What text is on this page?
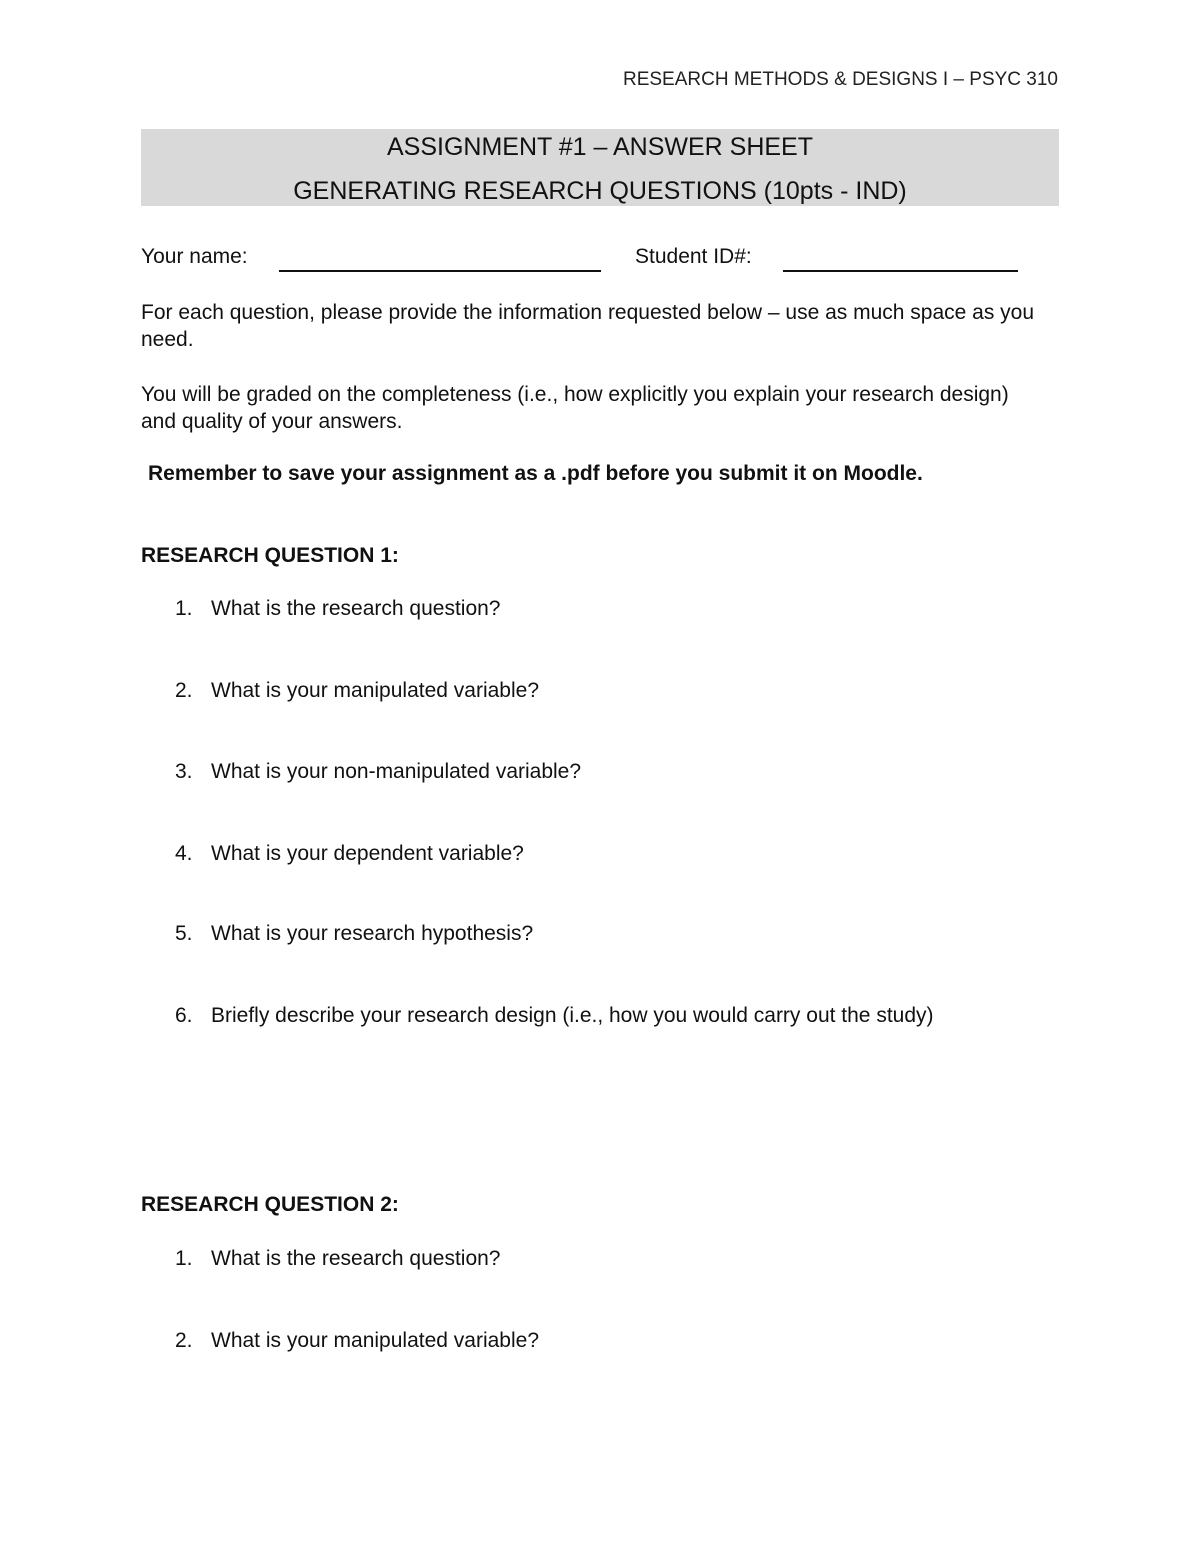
RESEARCH METHODS & DESIGNS I – PSYC 310
ASSIGNMENT #1 – ANSWER SHEET
GENERATING RESEARCH QUESTIONS (10pts - IND)
Your name:	Student ID#:
For each question, please provide the information requested below – use as much space as you need.
You will be graded on the completeness (i.e., how explicitly you explain your research design) and quality of your answers.
Remember to save your assignment as a .pdf before you submit it on Moodle.
RESEARCH QUESTION 1:
1. What is the research question?
2. What is your manipulated variable?
3. What is your non-manipulated variable?
4. What is your dependent variable?
5. What is your research hypothesis?
6. Briefly describe your research design (i.e., how you would carry out the study)
RESEARCH QUESTION 2:
1. What is the research question?
2. What is your manipulated variable?
